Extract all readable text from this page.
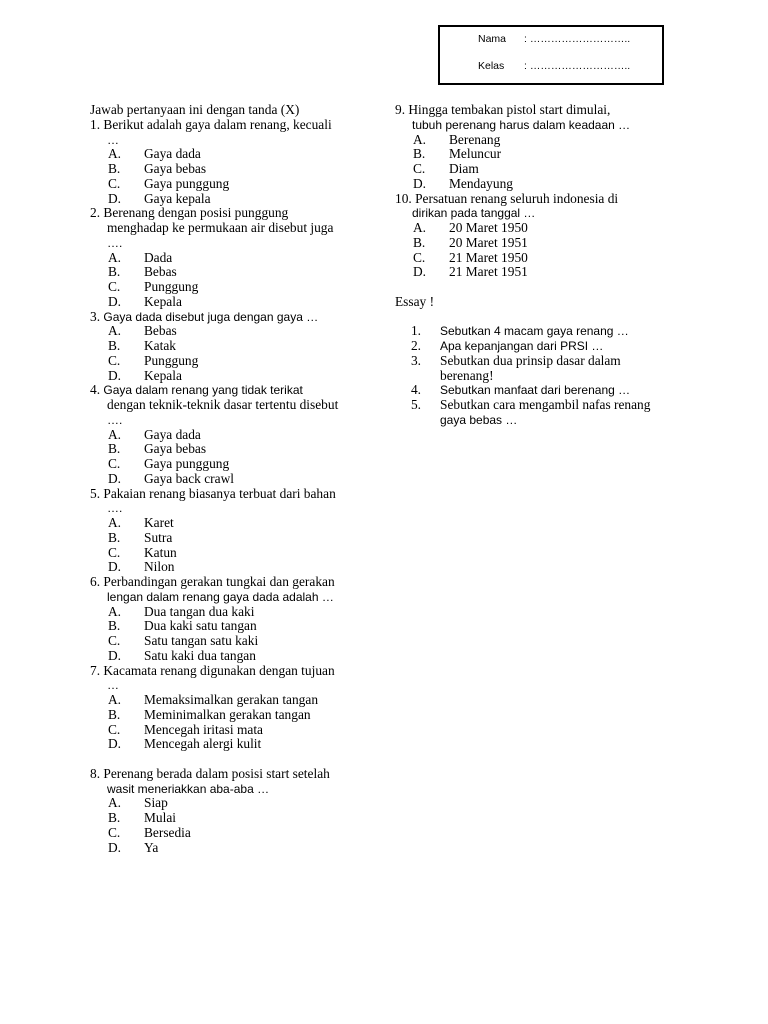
Nama : ………………………..
Kelas : ………………………..
Jawab pertanyaan ini dengan tanda (X)
1. Berikut adalah gaya dalam renang, kecuali
…
A. Gaya dada
B. Gaya bebas
C. Gaya punggung
D. Gaya kepala
2. Berenang dengan posisi punggung
menghadap ke permukaan air disebut juga
….
A. Dada
B. Bebas
C. Punggung
D. Kepala
3. Gaya dada disebut juga dengan gaya …
A. Bebas
B. Katak
C. Punggung
D. Kepala
4. Gaya dalam renang yang tidak terikat
dengan teknik-teknik dasar tertentu disebut
….
A. Gaya dada
B. Gaya bebas
C. Gaya punggung
D. Gaya back crawl
5. Pakaian renang biasanya terbuat dari bahan
….
A. Karet
B. Sutra
C. Katun
D. Nilon
6. Perbandingan gerakan tungkai dan gerakan
lengan dalam renang gaya dada adalah …
A. Dua tangan dua kaki
B. Dua kaki satu tangan
C. Satu tangan satu kaki
D. Satu kaki dua tangan
7. Kacamata renang digunakan dengan tujuan
…
A. Memaksimalkan gerakan tangan
B. Meminimalkan gerakan tangan
C. Mencegah iritasi mata
D. Mencegah alergi kulit
8. Perenang berada dalam posisi start setelah
wasit meneriakkan aba-aba …
A. Siap
B. Mulai
C. Bersedia
D. Ya
9. Hingga tembakan pistol start dimulai,
tubuh perenang harus dalam keadaan …
A. Berenang
B. Meluncur
C. Diam
D. Mendayung
10. Persatuan renang seluruh indonesia di
dirikan pada tanggal …
A. 20 Maret 1950
B. 20 Maret 1951
C. 21 Maret 1950
D. 21 Maret 1951
Essay !
1. Sebutkan 4 macam gaya renang …
2. Apa kepanjangan dari PRSI …
3. Sebutkan dua prinsip dasar dalam
berenang!
4. Sebutkan manfaat dari berenang …
5. Sebutkan cara mengambil nafas renang
gaya bebas …
